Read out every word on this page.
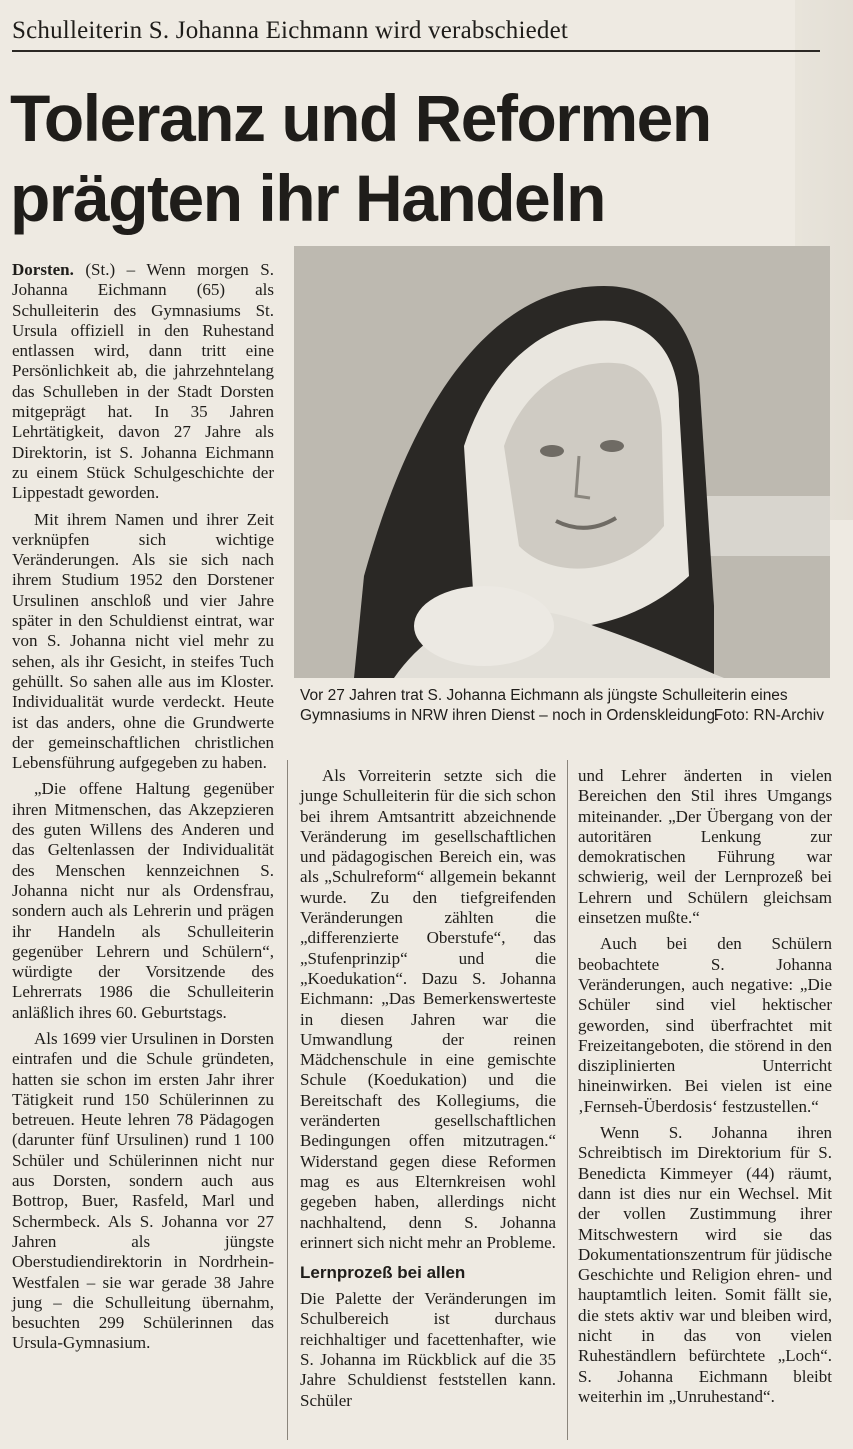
Schulleiterin S. Johanna Eichmann wird verabschiedet
Toleranz und Reformen
prägten ihr Handeln
Vor 27 Jahren trat S. Johanna Eichmann als jüngste Schulleiterin eines Gymnasiums in NRW ihren Dienst – noch in Ordenskleidung.
Foto: RN-Archiv

Dorsten. (St.) – Wenn morgen S. Johanna Eichmann (65) als Schulleiterin des Gymnasiums St. Ursula offiziell in den Ruhestand entlassen wird, dann tritt eine Persönlichkeit ab, die jahrzehntelang das Schulleben in der Stadt Dorsten mitgeprägt hat. In 35 Jahren Lehrtätigkeit, davon 27 Jahre als Direktorin, ist S. Johanna Eichmann zu einem Stück Schulgeschichte der Lippestadt geworden.

Mit ihrem Namen und ihrer Zeit verknüpfen sich wichtige Veränderungen. Als sie sich nach ihrem Studium 1952 den Dorstener Ursulinen anschloß und vier Jahre später in den Schuldienst eintrat, war von S. Johanna nicht viel mehr zu sehen, als ihr Gesicht, in steifes Tuch gehüllt. So sahen alle aus im Kloster. Individualität wurde verdeckt. Heute ist das anders, ohne die Grundwerte der gemeinschaftlichen christlichen Lebensführung aufgegeben zu haben.

„Die offene Haltung gegenüber ihren Mitmenschen, das Akzepzieren des guten Willens des Anderen und das Geltenlassen der Individualität des Menschen kennzeichnen S. Johanna nicht nur als Ordensfrau, sondern auch als Lehrerin und prägen ihr Handeln als Schulleiterin gegenüber Lehrern und Schülern“, würdigte der Vorsitzende des Lehrerrats 1986 die Schulleiterin anläßlich ihres 60. Geburtstags.

Als 1699 vier Ursulinen in Dorsten eintrafen und die Schule gründeten, hatten sie schon im ersten Jahr ihrer Tätigkeit rund 150 Schülerinnen zu betreuen. Heute lehren 78 Pädagogen (darunter fünf Ursulinen) rund 1 100 Schüler und Schülerinnen nicht nur aus Dorsten, sondern auch aus Bottrop, Buer, Rasfeld, Marl und Schermbeck. Als S. Johanna vor 27 Jahren als jüngste Oberstudiendirektorin in Nordrhein-Westfalen – sie war gerade 38 Jahre jung – die Schulleitung übernahm, besuchten 299 Schülerinnen das Ursula-Gymnasium.

Als Vorreiterin setzte sich die junge Schulleiterin für die sich schon bei ihrem Amtsantritt abzeichnende Veränderung im gesellschaftlichen und pädagogischen Bereich ein, was als „Schulreform“ allgemein bekannt wurde. Zu den tiefgreifenden Veränderungen zählten die „differenzierte Oberstufe“, das „Stufenprinzip“ und die „Koedukation“. Dazu S. Johanna Eichmann: „Das Bemerkenswerteste in diesen Jahren war die Umwandlung der reinen Mädchenschule in eine gemischte Schule (Koedukation) und die Bereitschaft des Kollegiums, die veränderten gesellschaftlichen Bedingungen offen mitzutragen.“ Widerstand gegen diese Reformen mag es aus Elternkreisen wohl gegeben haben, allerdings nicht nachhaltend, denn S. Johanna erinnert sich nicht mehr an Probleme.

Lernprozeß bei allen

Die Palette der Veränderungen im Schulbereich ist durchaus reichhaltiger und facettenhafter, wie S. Johanna im Rückblick auf die 35 Jahre Schuldienst feststellen kann. Schüler

und Lehrer änderten in vielen Bereichen den Stil ihres Umgangs miteinander. „Der Übergang von der autoritären Lenkung zur demokratischen Führung war schwierig, weil der Lernprozeß bei Lehrern und Schülern gleichsam einsetzen mußte.“

Auch bei den Schülern beobachtete S. Johanna Veränderungen, auch negative: „Die Schüler sind viel hektischer geworden, sind überfrachtet mit Freizeitangeboten, die störend in den disziplinierten Unterricht hineinwirken. Bei vielen ist eine ‚Fernseh-Überdosis‘ festzustellen.“

Wenn S. Johanna ihren Schreibtisch im Direktorium für S. Benedicta Kimmeyer (44) räumt, dann ist dies nur ein Wechsel. Mit der vollen Zustimmung ihrer Mitschwestern wird sie das Dokumentationszentrum für jüdische Geschichte und Religion ehren- und hauptamtlich leiten. Somit fällt sie, die stets aktiv war und bleiben wird, nicht in das von vielen Ruheständlern befürchtete „Loch“. S. Johanna Eichmann bleibt weiterhin im „Unruhestand“.
